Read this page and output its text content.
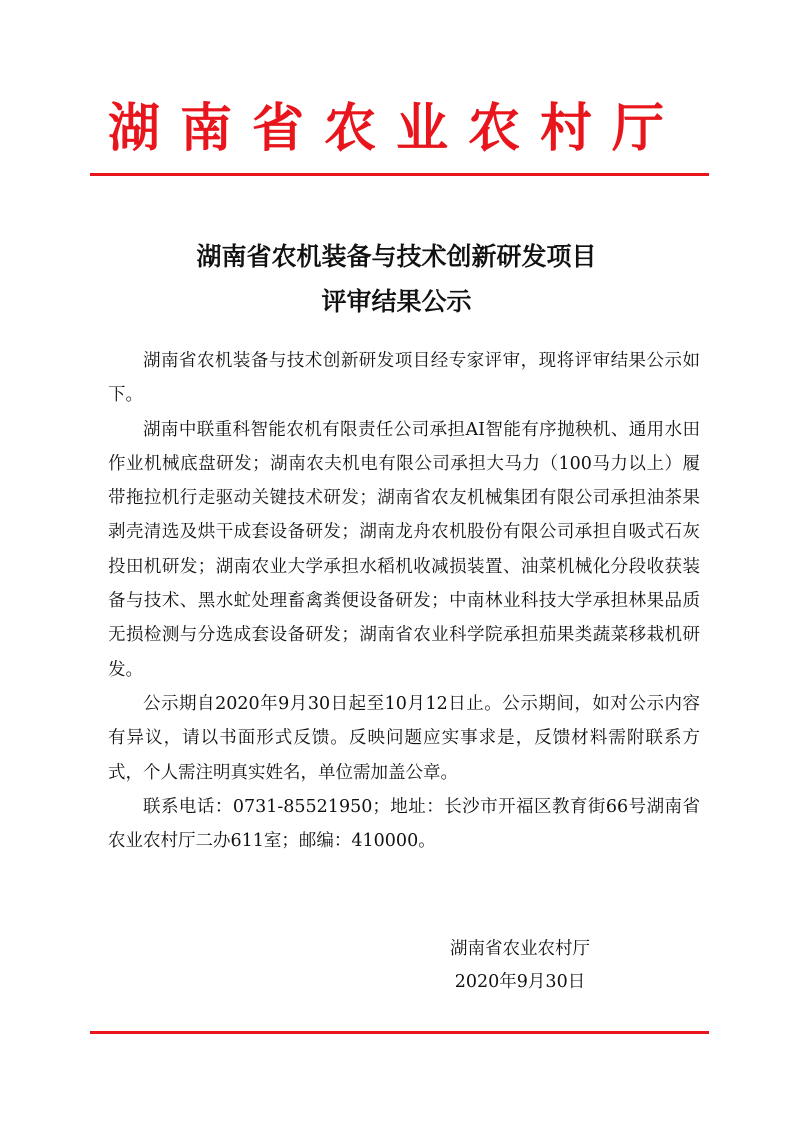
湖南省农业农村厅
湖南省农机装备与技术创新研发项目
评审结果公示

湖南省农机装备与技术创新研发项目经专家评审，现将评审结果公示如下。

湖南中联重科智能农机有限责任公司承担AI智能有序抛秧机、通用水田作业机械底盘研发；湖南农夫机电有限公司承担大马力（100马力以上）履带拖拉机行走驱动关键技术研发；湖南省农友机械集团有限公司承担油茶果剥壳清选及烘干成套设备研发；湖南龙舟农机股份有限公司承担自吸式石灰投田机研发；湖南农业大学承担水稻机收减损装置、油菜机械化分段收获装备与技术、黑水虻处理畜禽粪便设备研发；中南林业科技大学承担林果品质无损检测与分选成套设备研发；湖南省农业科学院承担茄果类蔬菜移栽机研发。

公示期自2020年9月30日起至10月12日止。公示期间，如对公示内容有异议，请以书面形式反馈。反映问题应实事求是，反馈材料需附联系方式，个人需注明真实姓名，单位需加盖公章。

联系电话：0731-85521950；地址：长沙市开福区教育街66号湖南省农业农村厅二办611室；邮编：410000。

湖南省农业农村厅
2020年9月30日
